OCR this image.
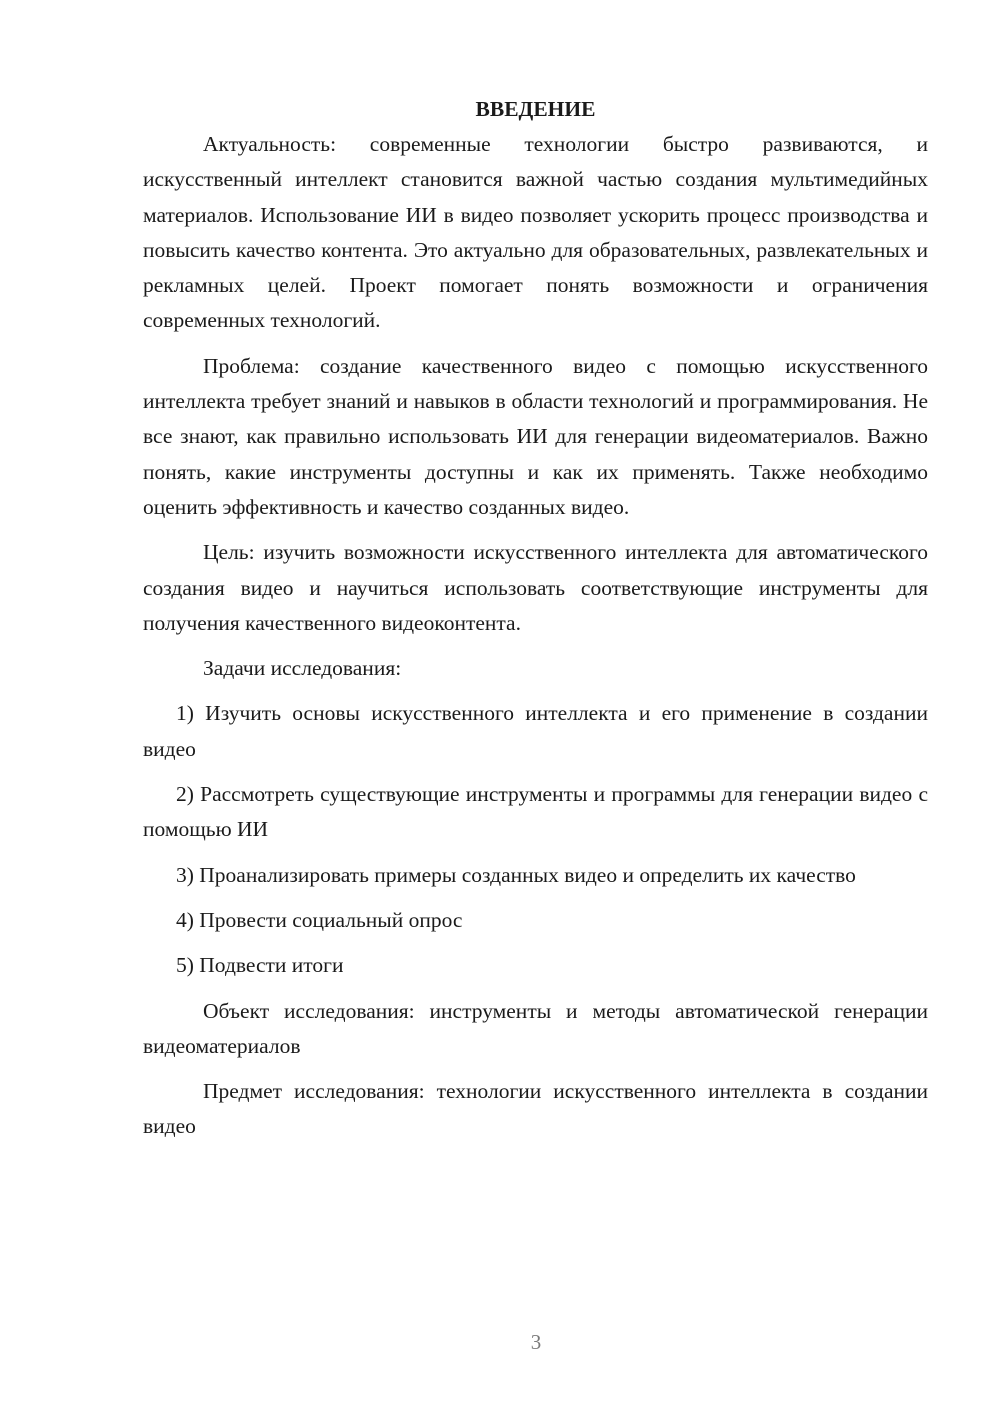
ВВЕДЕНИЕ

Актуальность: современные технологии быстро развиваются, и искусственный интеллект становится важной частью создания мультимедийных материалов. Использование ИИ в видео позволяет ускорить процесс производства и повысить качество контента. Это актуально для образовательных, развлекательных и рекламных целей. Проект помогает понять возможности и ограничения современных технологий.

Проблема: создание качественного видео с помощью искусственного интеллекта требует знаний и навыков в области технологий и программирования. Не все знают, как правильно использовать ИИ для генерации видеоматериалов. Важно понять, какие инструменты доступны и как их применять. Также необходимо оценить эффективность и качество созданных видео.

Цель: изучить возможности искусственного интеллекта для автоматического создания видео и научиться использовать соответствующие инструменты для получения качественного видеоконтента.

Задачи исследования:

1) Изучить основы искусственного интеллекта и его применение в создании видео

2) Рассмотреть существующие инструменты и программы для генерации видео с помощью ИИ

3) Проанализировать примеры созданных видео и определить их качество

4) Провести социальный опрос

5) Подвести итоги

Объект исследования: инструменты и методы автоматической генерации видеоматериалов

Предмет исследования: технологии искусственного интеллекта в создании видео

3
